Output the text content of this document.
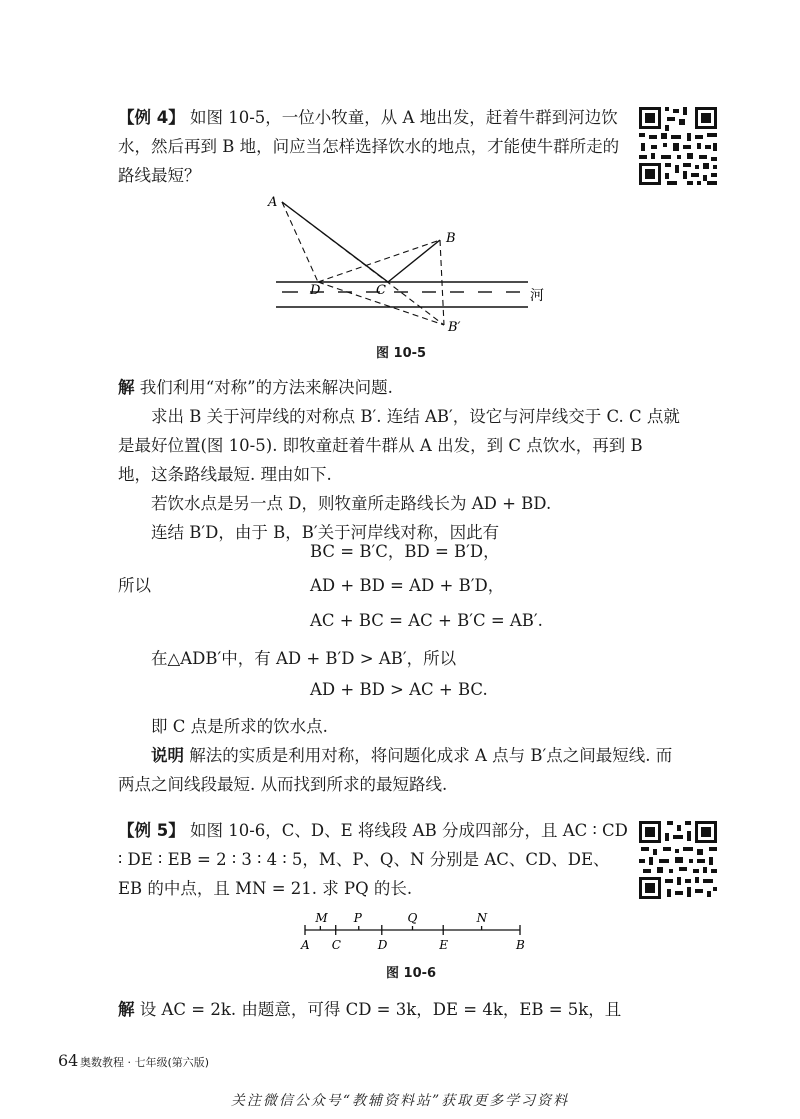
【例 4】 如图 10-5，一位小牧童，从 A 地出发，赶着牛群到河边饮水，然后再到 B 地，问应当怎样选择饮水的地点，才能使牛群所走的路线最短？

A
B
C
D
B′
河
图 10-5

解 我们利用“对称”的方法来解决问题.

求出 B 关于河岸线的对称点 B′. 连结 AB′，设它与河岸线交于 C. C 点就是最好位置(图 10-5). 即牧童赶着牛群从 A 出发，到 C 点饮水，再到 B 地，这条路线最短. 理由如下.

若饮水点是另一点 D，则牧童所走路线长为 AD + BD.

连结 B′D，由于 B，B′关于河岸线对称，因此有

BC = B′C，BD = B′D，

所以	AD + BD = AD + B′D，

AC + BC = AC + B′C = AB′.

在△ADB′中，有 AD + B′D > AB′，所以

AD + BD > AC + BC.

即 C 点是所求的饮水点.

说明 解法的实质是利用对称，将问题化成求 A 点与 B′点之间最短线. 而两点之间线段最短. 从而找到所求的最短路线.

【例 5】 如图 10-6，C、D、E 将线段 AB 分成四部分，且 AC ∶ CD ∶ DE ∶ EB = 2 ∶ 3 ∶ 4 ∶ 5，M、P、Q、N 分别是 AC、CD、DE、EB 的中点，且 MN = 21. 求 PQ 的长.

A C	D	E	B
M P	Q	N
图 10-6

解 设 AC = 2k. 由题意，可得 CD = 3k，DE = 4k，EB = 5k，且

64 奥数教程 · 七年级(第六版)
关注微信公众号“教辅资料站”获取更多学习资料
